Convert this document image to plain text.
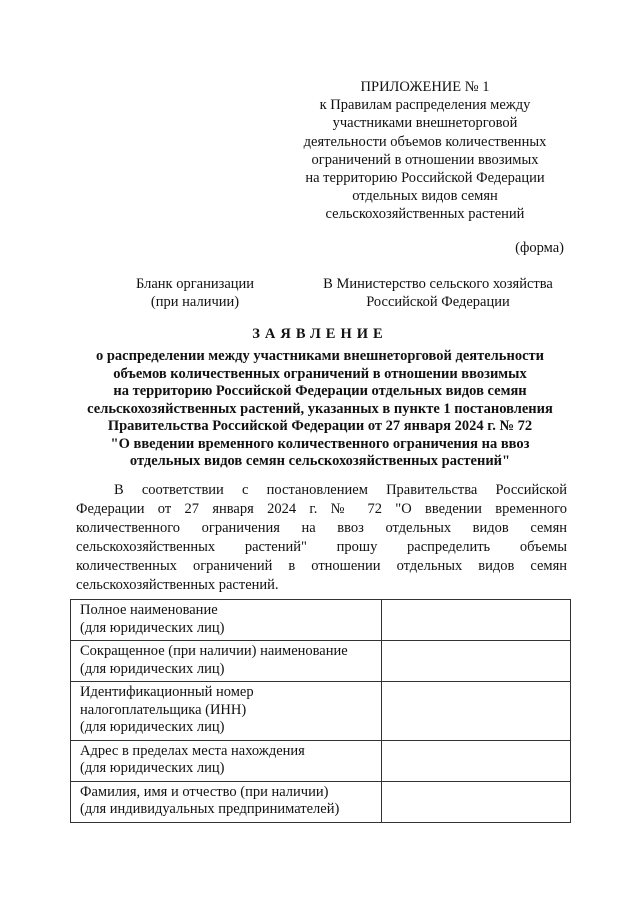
ПРИЛОЖЕНИЕ № 1
к Правилам распределения между
участниками внешнеторговой
деятельности объемов количественных
ограничений в отношении ввозимых
на территорию Российской Федерации
отдельных видов семян
сельскохозяйственных растений
(форма)
Бланк организации
(при наличии)
В Министерство сельского хозяйства
Российской Федерации
ЗАЯВЛЕНИЕ
о распределении между участниками внешнеторговой деятельности
объемов количественных ограничений в отношении ввозимых
на территорию Российской Федерации отдельных видов семян
сельскохозяйственных растений, указанных в пункте 1 постановления
Правительства Российской Федерации от 27 января 2024 г. № 72
"О введении временного количественного ограничения на ввоз
отдельных видов семян сельскохозяйственных растений"
В соответствии с постановлением Правительства Российской
Федерации от 27 января 2024 г. № 72 "О введении временного
количественного ограничения на ввоз отдельных видов семян
сельскохозяйственных растений" прошу распределить объемы
количественных ограничений в отношении отдельных видов семян
сельскохозяйственных растений.
Полное наименование
(для юридических лиц)	

Сокращенное (при наличии) наименование
(для юридических лиц)	

Идентификационный номер
налогоплательщика (ИНН)
(для юридических лиц)	

Адрес в пределах места нахождения
(для юридических лиц)	

Фамилия, имя и отчество (при наличии)
(для индивидуальных предпринимателей)	
